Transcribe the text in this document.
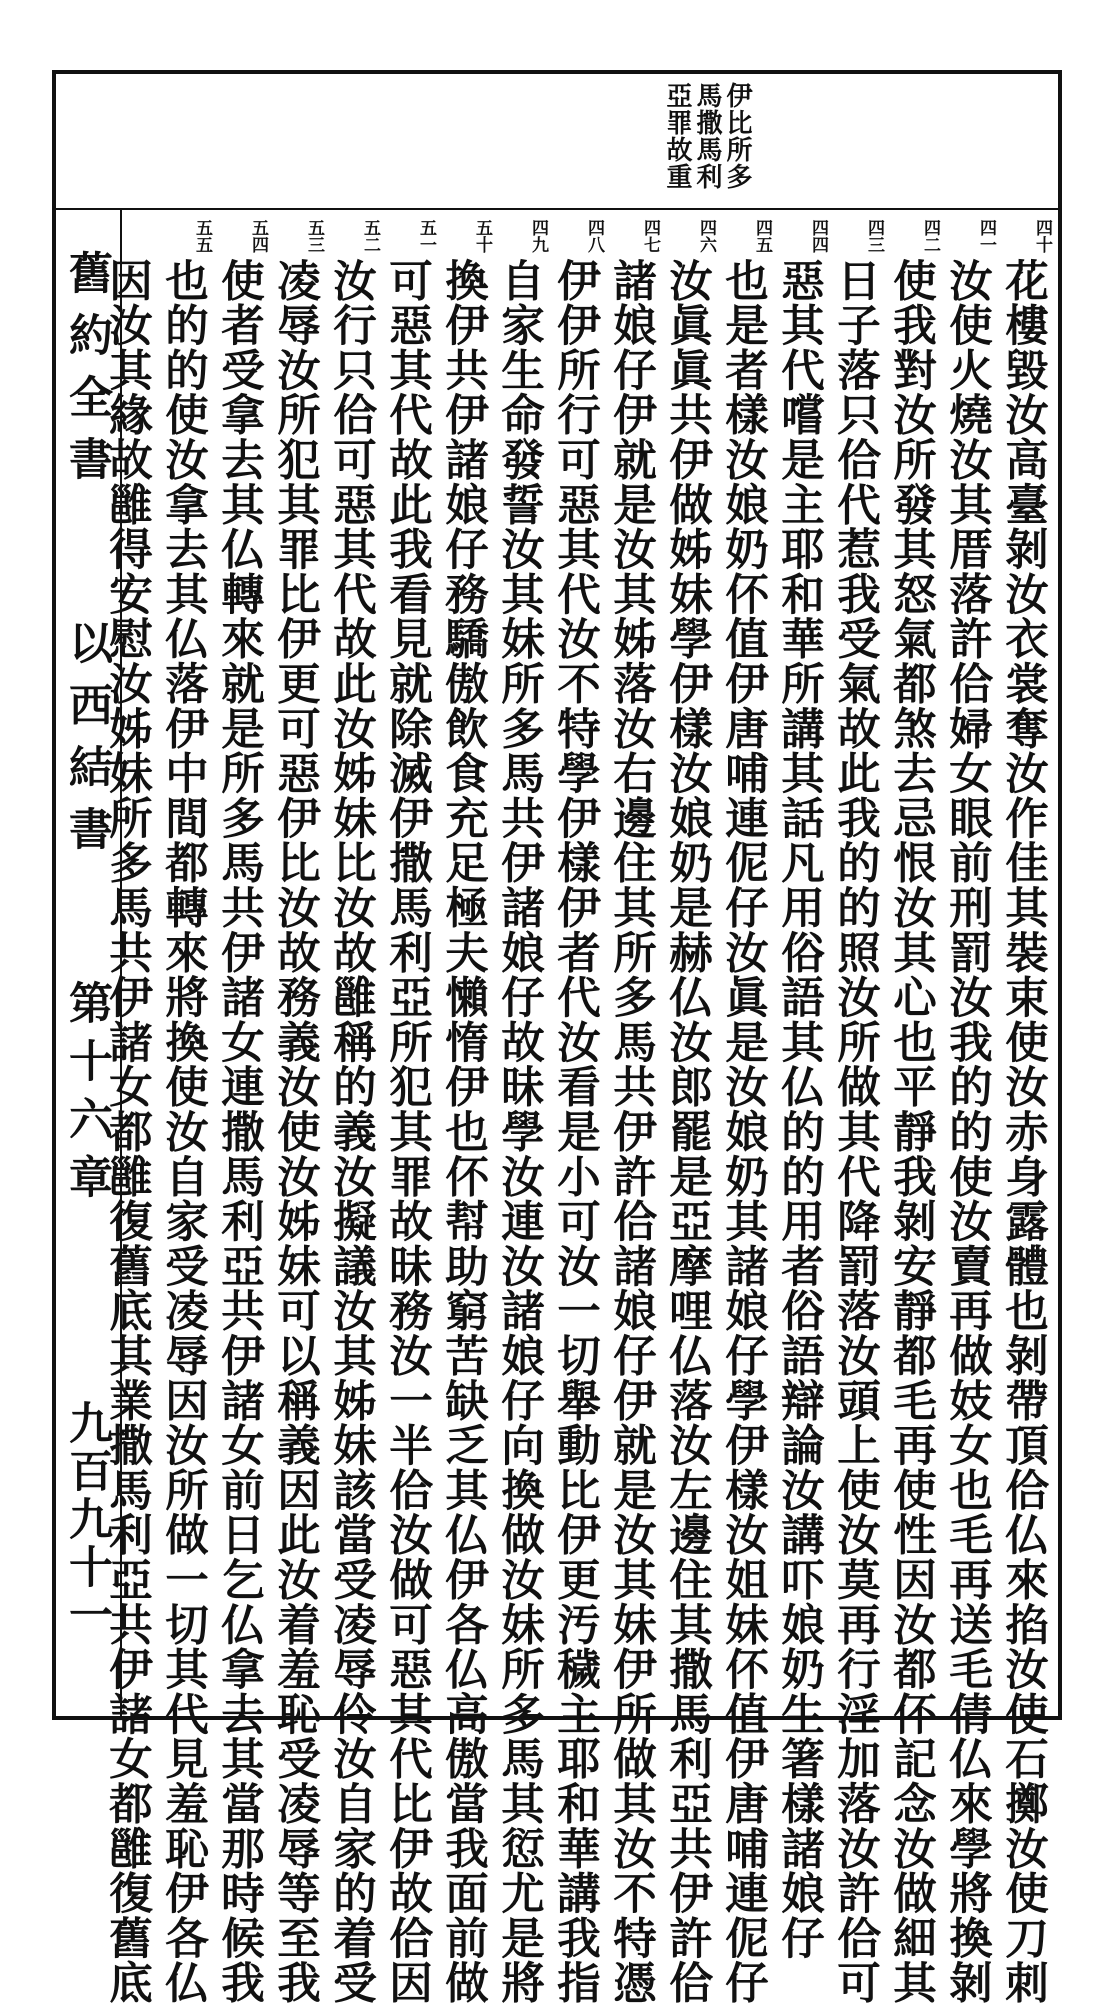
伊比所多
馬撒馬利
亞罪故重
舊約全書
以西結書
第十六章
九百九十一
四十
四一
四二
四三
四四
四五
四六
四七
四八
四九
五十
五一
五二
五三
五四
五五
花樓毀汝高臺剝汝衣裳奪汝作佳其裝束使汝赤身露體也剝帶頂佮仏來掐汝使石擲汝使刀刺
汝使火燒汝其厝落許佮婦女眼前刑罰汝我的的使汝賣再做妓女也毛再送毛倩仏來學將換剝
使我對汝所發其怒氣都煞去忌恨汝其心也平靜我剝安靜都毛再使性因汝都伓記念汝做細其
日子落只佮代惹我受氣故此我的的照汝所做其代降罰落汝頭上使汝莫再行淫加落汝許佮可
惡其代嚐是主耶和華所講其話凡用俗語其仏的的用者俗語辯論汝講吓娘奶生箸樣諸娘仔
也是者樣汝娘奶伓值伊唐哺連伲仔汝眞是汝娘奶其諸娘仔學伊樣汝姐妹伓值伊唐哺連伲仔
汝眞眞共伊做姊妹學伊樣汝娘奶是赫仏汝郎罷是亞摩哩仏落汝左邊住其撒馬利亞共伊許佮
諸娘仔伊就是汝其姊落汝右邊住其所多馬共伊許佮諸娘仔伊就是汝其妹伊所做其汝不特憑
伊伊所行可惡其代汝不特學伊樣伊者代汝看是小可汝一切舉動比伊更汚穢主耶和華講我指
自家生命發誓汝其妹所多馬共伊諸娘仔故昧學汝連汝諸娘仔向換做汝妹所多馬其愆尤是將
換伊共伊諸娘仔務驕傲飲食充足極夫懶惰伊也伓幇助窮苦缺乏其仏伊各仏高傲當我面前做
可惡其代故此我看見就除滅伊撒馬利亞所犯其罪故昧務汝一半佮汝做可惡其代比伊故佮因
汝行只佮可惡其代故此汝姊妹比汝故雝稱的義汝擬議汝其姊妹該當受凌辱伶汝自家的着受
凌辱汝所犯其罪比伊更可惡伊比汝故務義汝使汝姊妹可以稱義因此汝着羞恥受凌辱等至我
使者受拿去其仏轉來就是所多馬共伊諸女連撒馬利亞共伊諸女前日乞仏拿去其當那時候我
也的的使汝拿去其仏落伊中間都轉來將換使汝自家受凌辱因汝所做一切其代見羞恥伊各仏
因汝其緣故雝得安慰汝姊妹所多馬共伊諸女都雝復舊底其業撒馬利亞共伊諸女都雝復舊底
